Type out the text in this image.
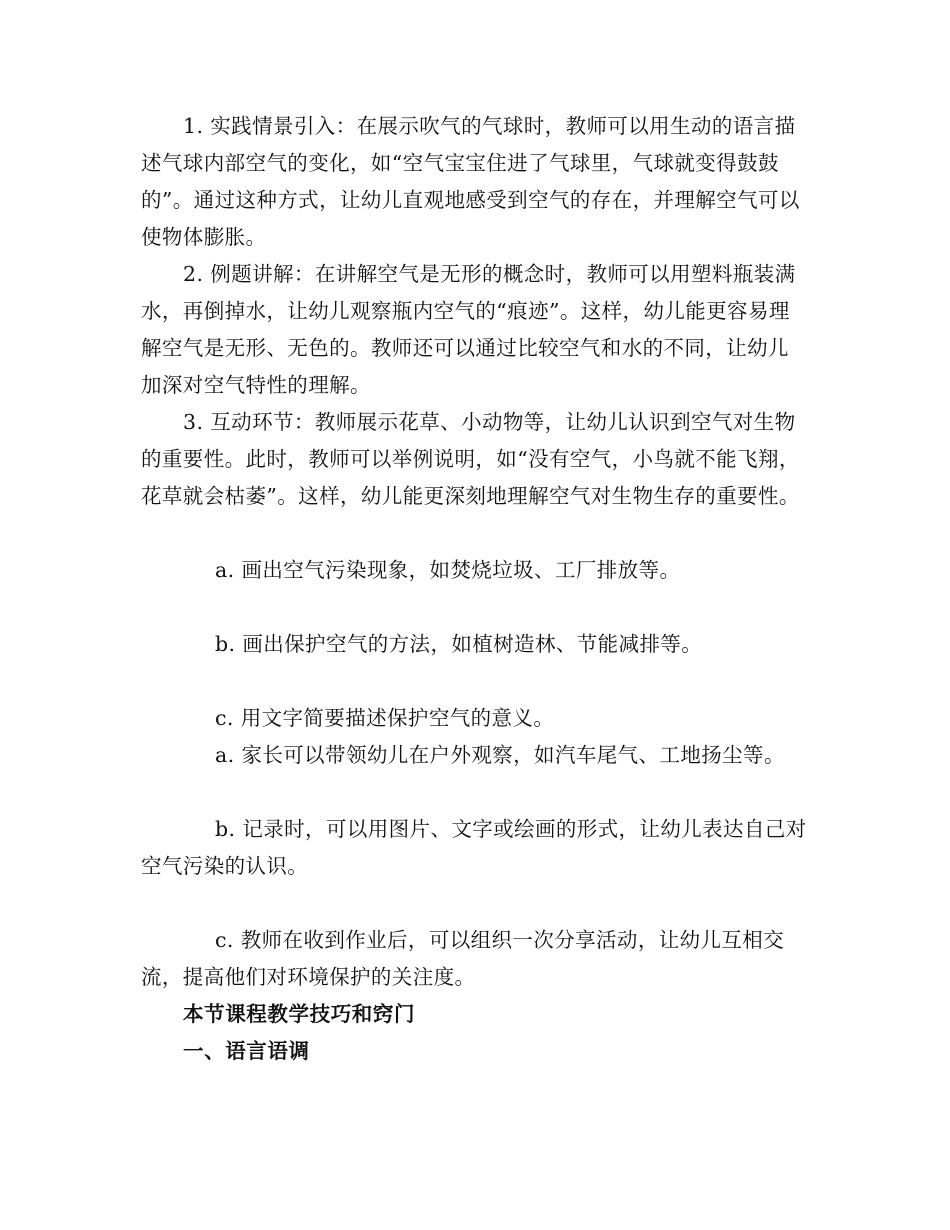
1. 实践情景引入：在展示吹气的气球时，教师可以用生动的语言描述气球内部空气的变化，如“空气宝宝住进了气球里，气球就变得鼓鼓的”。通过这种方式，让幼儿直观地感受到空气的存在，并理解空气可以使物体膨胀。

2. 例题讲解：在讲解空气是无形的概念时，教师可以用塑料瓶装满水，再倒掉水，让幼儿观察瓶内空气的“痕迹”。这样，幼儿能更容易理解空气是无形、无色的。教师还可以通过比较空气和水的不同，让幼儿加深对空气特性的理解。

3. 互动环节：教师展示花草、小动物等，让幼儿认识到空气对生物的重要性。此时，教师可以举例说明，如“没有空气，小鸟就不能飞翔，花草就会枯萎”。这样，幼儿能更深刻地理解空气对生物生存的重要性。

a. 画出空气污染现象，如焚烧垃圾、工厂排放等。

b. 画出保护空气的方法，如植树造林、节能减排等。

c. 用文字简要描述保护空气的意义。

a. 家长可以带领幼儿在户外观察，如汽车尾气、工地扬尘等。

b. 记录时，可以用图片、文字或绘画的形式，让幼儿表达自己对空气污染的认识。

c. 教师在收到作业后，可以组织一次分享活动，让幼儿互相交流，提高他们对环境保护的关注度。

本节课程教学技巧和窍门

一、语言语调
